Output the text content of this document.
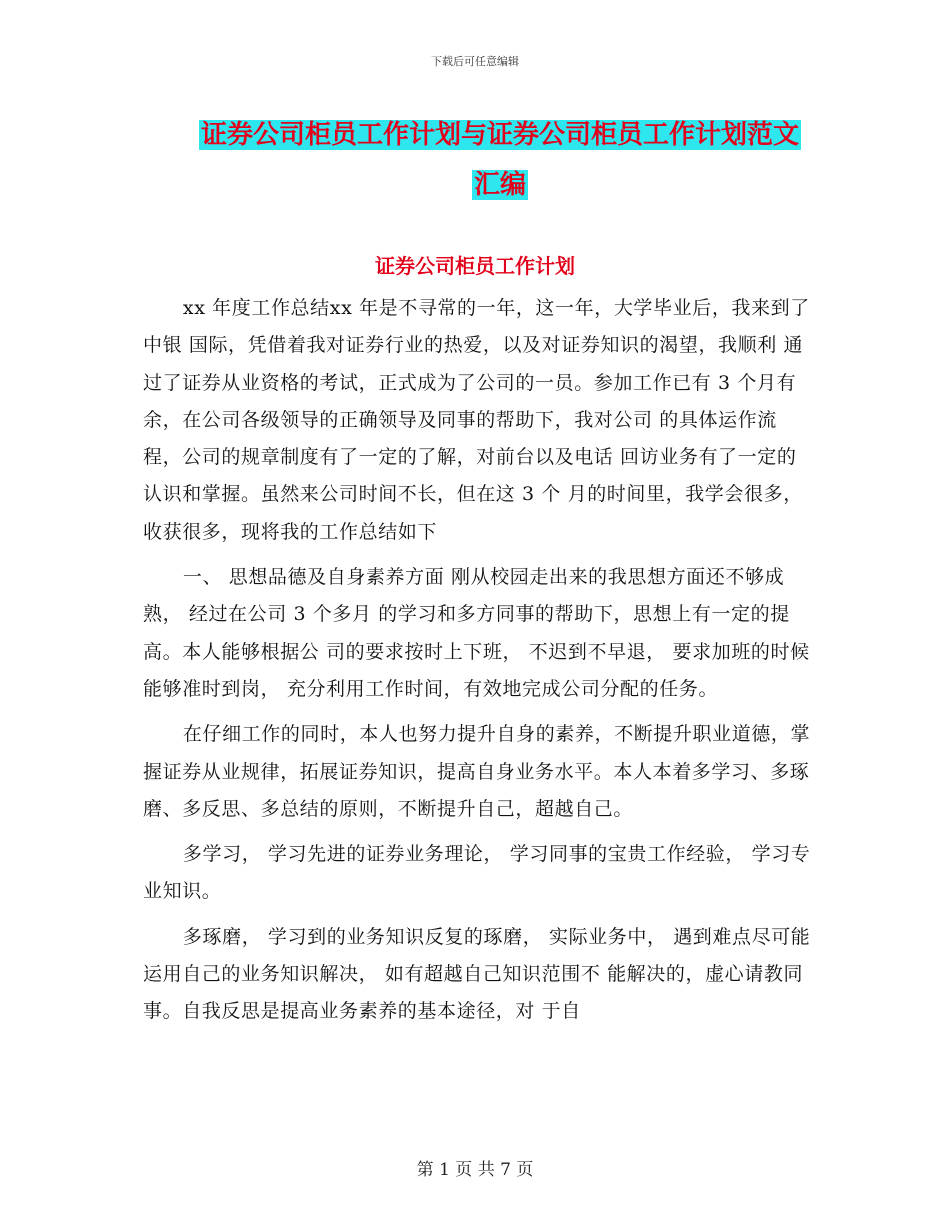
下载后可任意编辑
证券公司柜员工作计划与证券公司柜员工作计划范文
汇编
证券公司柜员工作计划

xx 年度工作总结xx 年是不寻常的一年，这一年，大学毕业后，我来到了中银 国际，凭借着我对证券行业的热爱，以及对证券知识的渴望，我顺利 通过了证券从业资格的考试，正式成为了公司的一员。参加工作已有 3 个月有余，在公司各级领导的正确领导及同事的帮助下，我对公司 的具体运作流程，公司的规章制度有了一定的了解，对前台以及电话 回访业务有了一定的认识和掌握。虽然来公司时间不长，但在这 3 个 月的时间里，我学会很多，收获很多，现将我的工作总结如下

一、 思想品德及自身素养方面 刚从校园走出来的我思想方面还不够成熟， 经过在公司 3 个多月 的学习和多方同事的帮助下，思想上有一定的提高。本人能够根据公 司的要求按时上下班， 不迟到不早退， 要求加班的时候能够准时到岗， 充分利用工作时间，有效地完成公司分配的任务。

在仔细工作的同时，本人也努力提升自身的素养，不断提升职业道德，掌握证券从业规律，拓展证券知识，提高自身业务水平。本人本着多学习、多琢磨、多反思、多总结的原则，不断提升自己，超越自己。

多学习， 学习先进的证券业务理论， 学习同事的宝贵工作经验， 学习专业知识。

多琢磨， 学习到的业务知识反复的琢磨， 实际业务中， 遇到难点尽可能运用自己的业务知识解决， 如有超越自己知识范围不 能解决的，虚心请教同事。自我反思是提高业务素养的基本途径，对 于自

第 1 页 共 7 页
